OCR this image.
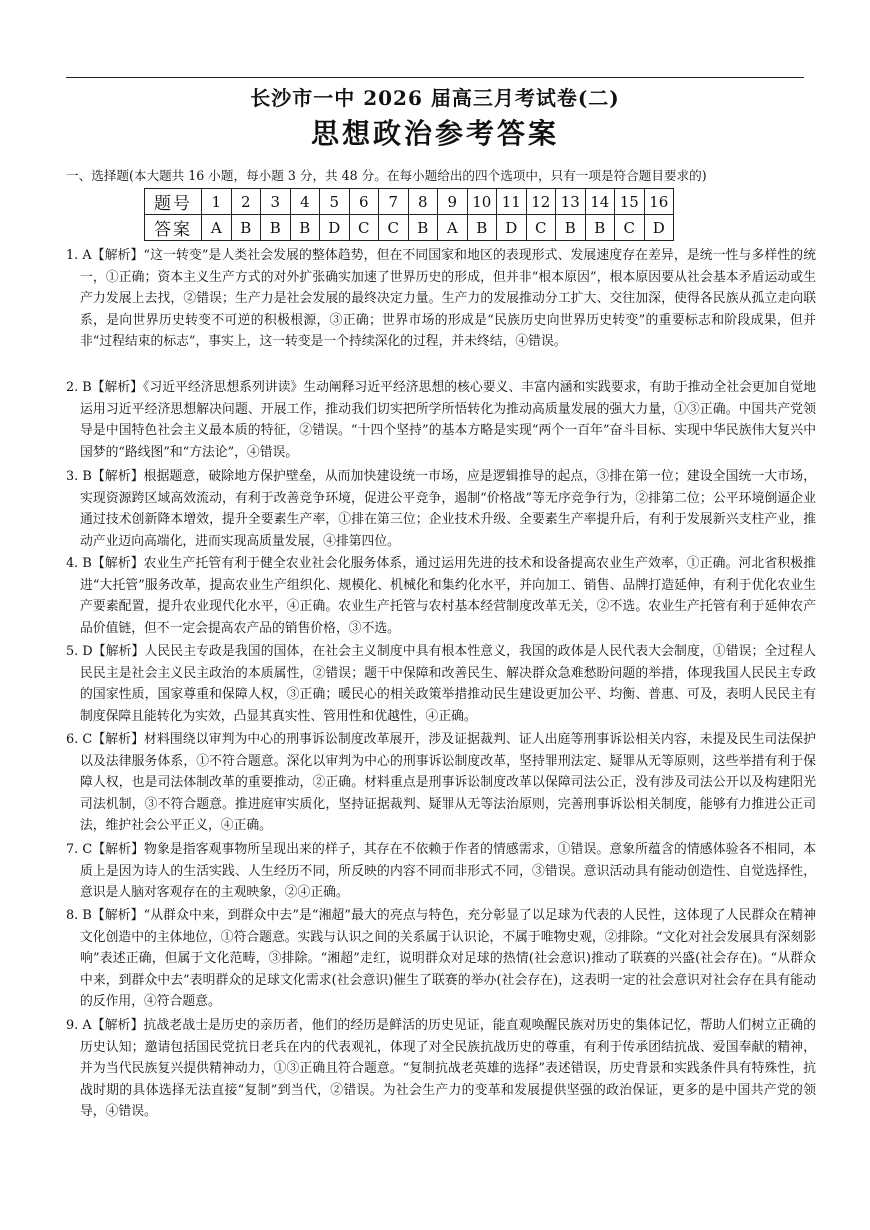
长沙市一中 2026 届高三月考试卷(二)
思想政治参考答案
一、选择题(本大题共 16 小题，每小题 3 分，共 48 分。在每小题给出的四个选项中，只有一项是符合题目要求的)
题号	1	2	3	4	5	6	7	8	9	10	11	12	13	14	15	16
答案	A	B	B	B	D	C	C	B	A	B	D	C	B	B	C	D

1. A【解析】“这一转变”是人类社会发展的整体趋势，但在不同国家和地区的表现形式、发展速度存在差异，是统一性与多样性的统一，①正确；资本主义生产方式的对外扩张确实加速了世界历史的形成，但并非“根本原因”，根本原因要从社会基本矛盾运动或生产力发展上去找，②错误；生产力是社会发展的最终决定力量。生产力的发展推动分工扩大、交往加深，使得各民族从孤立走向联系，是向世界历史转变不可逆的积极根源，③正确；世界市场的形成是“民族历史向世界历史转变”的重要标志和阶段成果，但并非“过程结束的标志”，事实上，这一转变是一个持续深化的过程，并未终结，④错误。

2. B【解析】《习近平经济思想系列讲读》生动阐释习近平经济思想的核心要义、丰富内涵和实践要求，有助于推动全社会更加自觉地运用习近平经济思想解决问题、开展工作，推动我们切实把所学所悟转化为推动高质量发展的强大力量，①③正确。中国共产党领导是中国特色社会主义最本质的特征，②错误。“十四个坚持”的基本方略是实现“两个一百年”奋斗目标、实现中华民族伟大复兴中国梦的“路线图”和“方法论”，④错误。

3. B【解析】根据题意，破除地方保护壁垒，从而加快建设统一市场，应是逻辑推导的起点，③排在第一位；建设全国统一大市场，实现资源跨区域高效流动，有利于改善竞争环境，促进公平竞争，遏制“价格战”等无序竞争行为，②排第二位；公平环境倒逼企业通过技术创新降本增效，提升全要素生产率，①排在第三位；企业技术升级、全要素生产率提升后，有利于发展新兴支柱产业，推动产业迈向高端化，进而实现高质量发展，④排第四位。

4. B【解析】农业生产托管有利于健全农业社会化服务体系，通过运用先进的技术和设备提高农业生产效率，①正确。河北省积极推进“大托管”服务改革，提高农业生产组织化、规模化、机械化和集约化水平，并向加工、销售、品牌打造延伸，有利于优化农业生产要素配置，提升农业现代化水平，④正确。农业生产托管与农村基本经营制度改革无关，②不选。农业生产托管有利于延伸农产品价值链，但不一定会提高农产品的销售价格，③不选。

5. D【解析】人民民主专政是我国的国体，在社会主义制度中具有根本性意义，我国的政体是人民代表大会制度，①错误；全过程人民民主是社会主义民主政治的本质属性，②错误；题干中保障和改善民生、解决群众急难愁盼问题的举措，体现我国人民民主专政的国家性质，国家尊重和保障人权，③正确；暖民心的相关政策举措推动民生建设更加公平、均衡、普惠、可及，表明人民民主有制度保障且能转化为实效，凸显其真实性、管用性和优越性，④正确。

6. C【解析】材料围绕以审判为中心的刑事诉讼制度改革展开，涉及证据裁判、证人出庭等刑事诉讼相关内容，未提及民生司法保护以及法律服务体系，①不符合题意。深化以审判为中心的刑事诉讼制度改革，坚持罪刑法定、疑罪从无等原则，这些举措有利于保障人权，也是司法体制改革的重要推动，②正确。材料重点是刑事诉讼制度改革以保障司法公正，没有涉及司法公开以及构建阳光司法机制，③不符合题意。推进庭审实质化，坚持证据裁判、疑罪从无等法治原则，完善刑事诉讼相关制度，能够有力推进公正司法，维护社会公平正义，④正确。

7. C【解析】物象是指客观事物所呈现出来的样子，其存在不依赖于作者的情感需求，①错误。意象所蕴含的情感体验各不相同，本质上是因为诗人的生活实践、人生经历不同，所反映的内容不同而非形式不同，③错误。意识活动具有能动创造性、自觉选择性，意识是人脑对客观存在的主观映象，②④正确。

8. B【解析】“从群众中来，到群众中去”是“湘超”最大的亮点与特色，充分彰显了以足球为代表的人民性，这体现了人民群众在精神文化创造中的主体地位，①符合题意。实践与认识之间的关系属于认识论，不属于唯物史观，②排除。“文化对社会发展具有深刻影响”表述正确，但属于文化范畴，③排除。“湘超”走红，说明群众对足球的热情(社会意识)推动了联赛的兴盛(社会存在)。“从群众中来，到群众中去”表明群众的足球文化需求(社会意识)催生了联赛的举办(社会存在)，这表明一定的社会意识对社会存在具有能动的反作用，④符合题意。

9. A【解析】抗战老战士是历史的亲历者，他们的经历是鲜活的历史见证，能直观唤醒民族对历史的集体记忆，帮助人们树立正确的历史认知；邀请包括国民党抗日老兵在内的代表观礼，体现了对全民族抗战历史的尊重，有利于传承团结抗战、爱国奉献的精神，并为当代民族复兴提供精神动力，①③正确且符合题意。“复制抗战老英雄的选择”表述错误，历史背景和实践条件具有特殊性，抗战时期的具体选择无法直接“复制”到当代，②错误。为社会生产力的变革和发展提供坚强的政治保证，更多的是中国共产党的领导，④错误。
